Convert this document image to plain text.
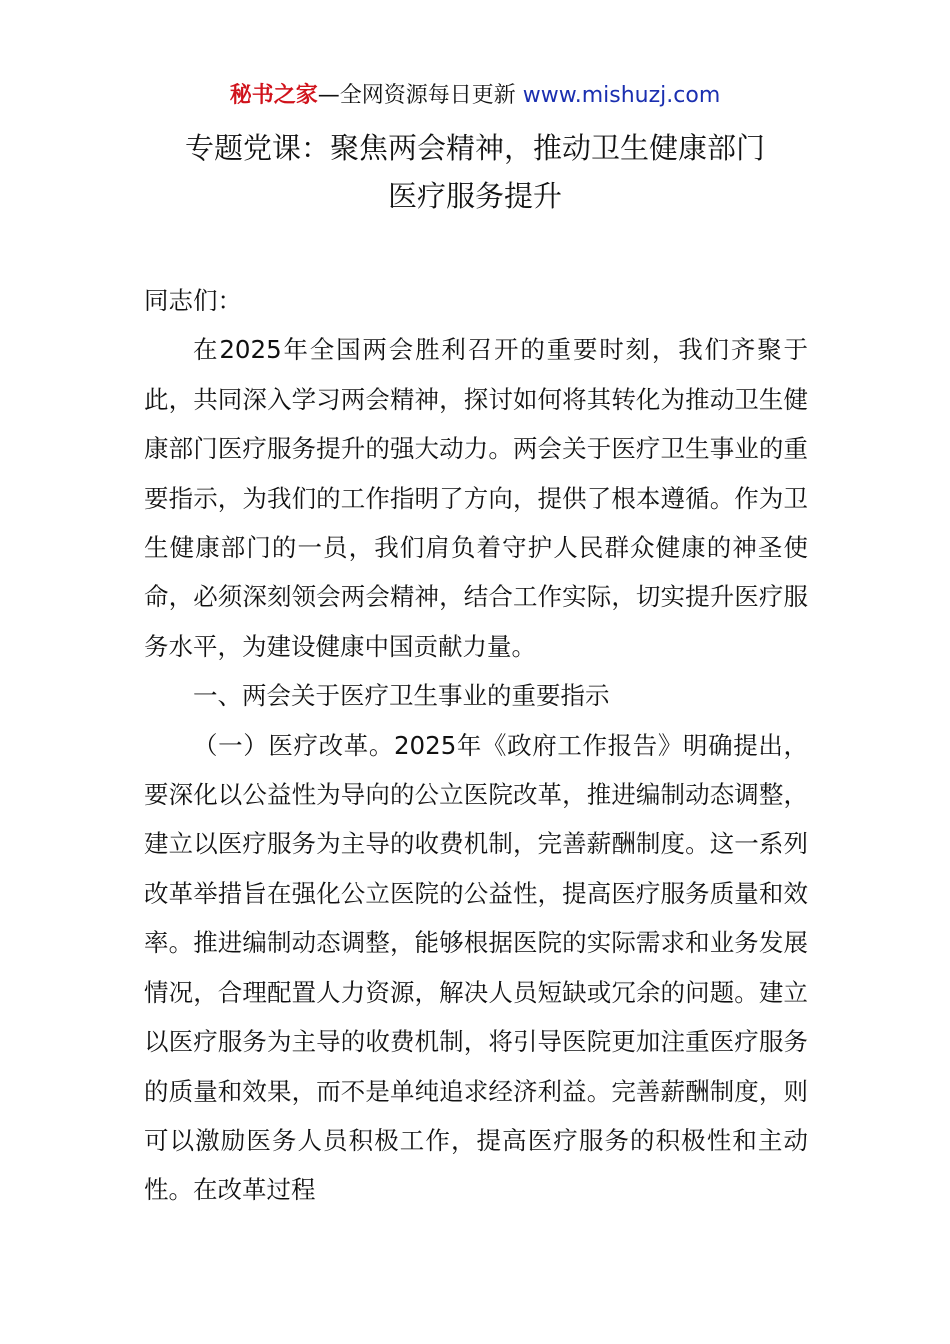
秘书之家—全网资源每日更新 www.mishuzj.com
专题党课：聚焦两会精神，推动卫生健康部门
医疗服务提升

同志们：

在2025年全国两会胜利召开的重要时刻，我们齐聚于此，共同深入学习两会精神，探讨如何将其转化为推动卫生健康部门医疗服务提升的强大动力。两会关于医疗卫生事业的重要指示，为我们的工作指明了方向，提供了根本遵循。作为卫生健康部门的一员，我们肩负着守护人民群众健康的神圣使命，必须深刻领会两会精神，结合工作实际，切实提升医疗服务水平，为建设健康中国贡献力量。

一、两会关于医疗卫生事业的重要指示

（一）医疗改革。2025年《政府工作报告》明确提出，要深化以公益性为导向的公立医院改革，推进编制动态调整，建立以医疗服务为主导的收费机制，完善薪酬制度。这一系列改革举措旨在强化公立医院的公益性，提高医疗服务质量和效率。推进编制动态调整，能够根据医院的实际需求和业务发展情况，合理配置人力资源，解决人员短缺或冗余的问题。建立以医疗服务为主导的收费机制，将引导医院更加注重医疗服务的质量和效果，而不是单纯追求经济利益。完善薪酬制度，则可以激励医务人员积极工作，提高医疗服务的积极性和主动性。在改革过程
